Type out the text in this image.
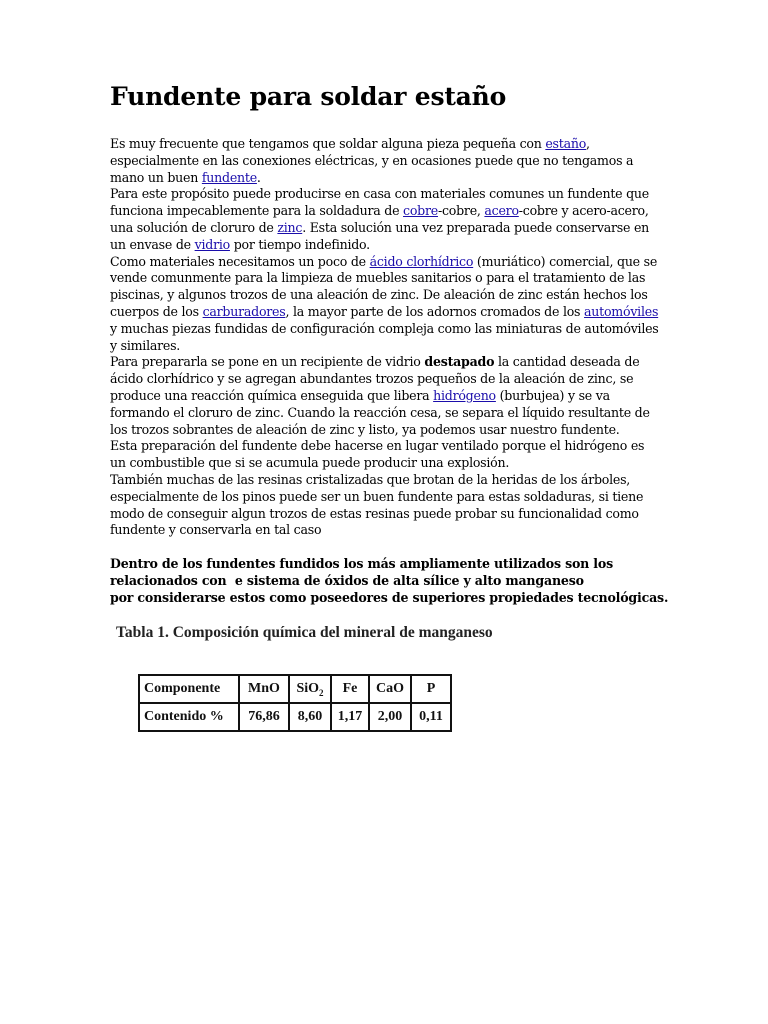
Fundente para soldar estaño

Es muy frecuente que tengamos que soldar alguna pieza pequeña con estaño, especialmente en las conexiones eléctricas, y en ocasiones puede que no tengamos a mano un buen fundente.

Para este propósito puede producirse en casa con materiales comunes un fundente que funciona impecablemente para la soldadura de cobre-cobre, acero-cobre y acero-acero, una solución de cloruro de zinc. Esta solución una vez preparada puede conservarse en un envase de vidrio por tiempo indefinido.

Como materiales necesitamos un poco de ácido clorhídrico (muriático) comercial, que se vende comunmente para la limpieza de muebles sanitarios o para el tratamiento de las piscinas, y algunos trozos de una aleación de zinc. De aleación de zinc están hechos los cuerpos de los carburadores, la mayor parte de los adornos cromados de los automóviles y muchas piezas fundidas de configuración compleja como las miniaturas de automóviles y similares.

Para prepararla se pone en un recipiente de vidrio destapado la cantidad deseada de ácido clorhídrico y se agregan abundantes trozos pequeños de la aleación de zinc, se produce una reacción química enseguida que libera hidrógeno (burbujea) y se va formando el cloruro de zinc. Cuando la reacción cesa, se separa el líquido resultante de los trozos sobrantes de aleación de zinc y listo, ya podemos usar nuestro fundente.

Esta preparación del fundente debe hacerse en lugar ventilado porque el hidrógeno es un combustible que si se acumula puede producir una explosión.

También muchas de las resinas cristalizadas que brotan de la heridas de los árboles, especialmente de los pinos puede ser un buen fundente para estas soldaduras, si tiene modo de conseguir algun trozos de estas resinas puede probar su funcionalidad como fundente y conservarla en tal caso

Dentro de los fundentes fundidos los más ampliamente utilizados son los
relacionados con  e sistema de óxidos de alta sílice y alto manganeso
por considerarse estos como poseedores de superiores propiedades tecnológicas.
Tabla 1. Composición química del mineral de manganeso
Componente	MnO	SiO$_2$	Fe	CaO	P
Contenido %	76,86	8,60	1,17	2,00	0,11
